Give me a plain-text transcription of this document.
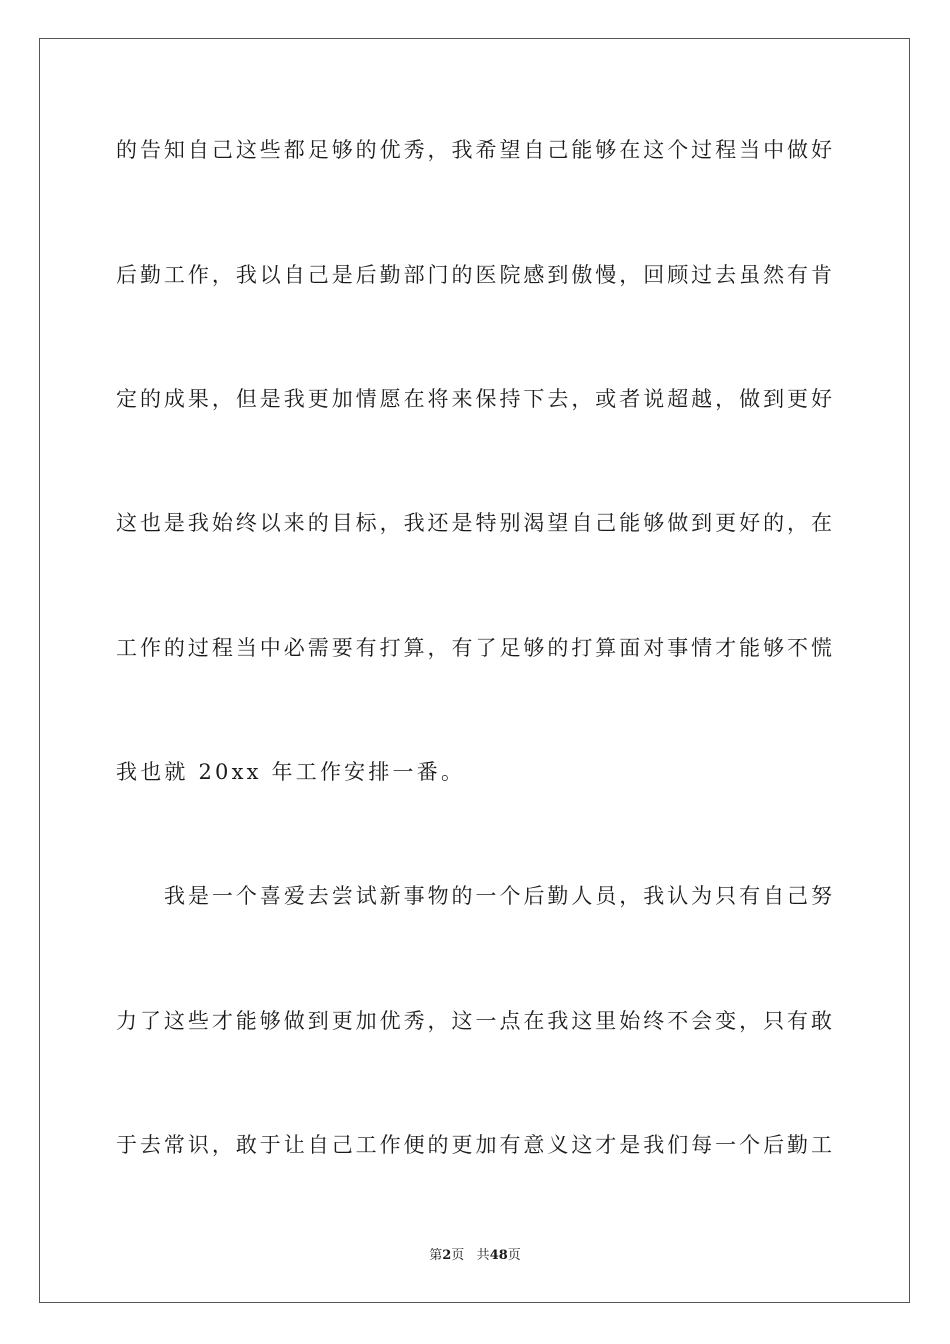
的告知自己这些都足够的优秀，我希望自己能够在这个过程当中做好
后勤工作，我以自己是后勤部门的医院感到傲慢，回顾过去虽然有肯
定的成果，但是我更加情愿在将来保持下去，或者说超越，做到更好
这也是我始终以来的目标，我还是特别渴望自己能够做到更好的，在
工作的过程当中必需要有打算，有了足够的打算面对事情才能够不慌
我也就 20xx 年工作安排一番。
我是一个喜爱去尝试新事物的一个后勤人员，我认为只有自己努
力了这些才能够做到更加优秀，这一点在我这里始终不会变，只有敢
于去常识，敢于让自己工作便的更加有意义这才是我们每一个后勤工
第2页 共48页
